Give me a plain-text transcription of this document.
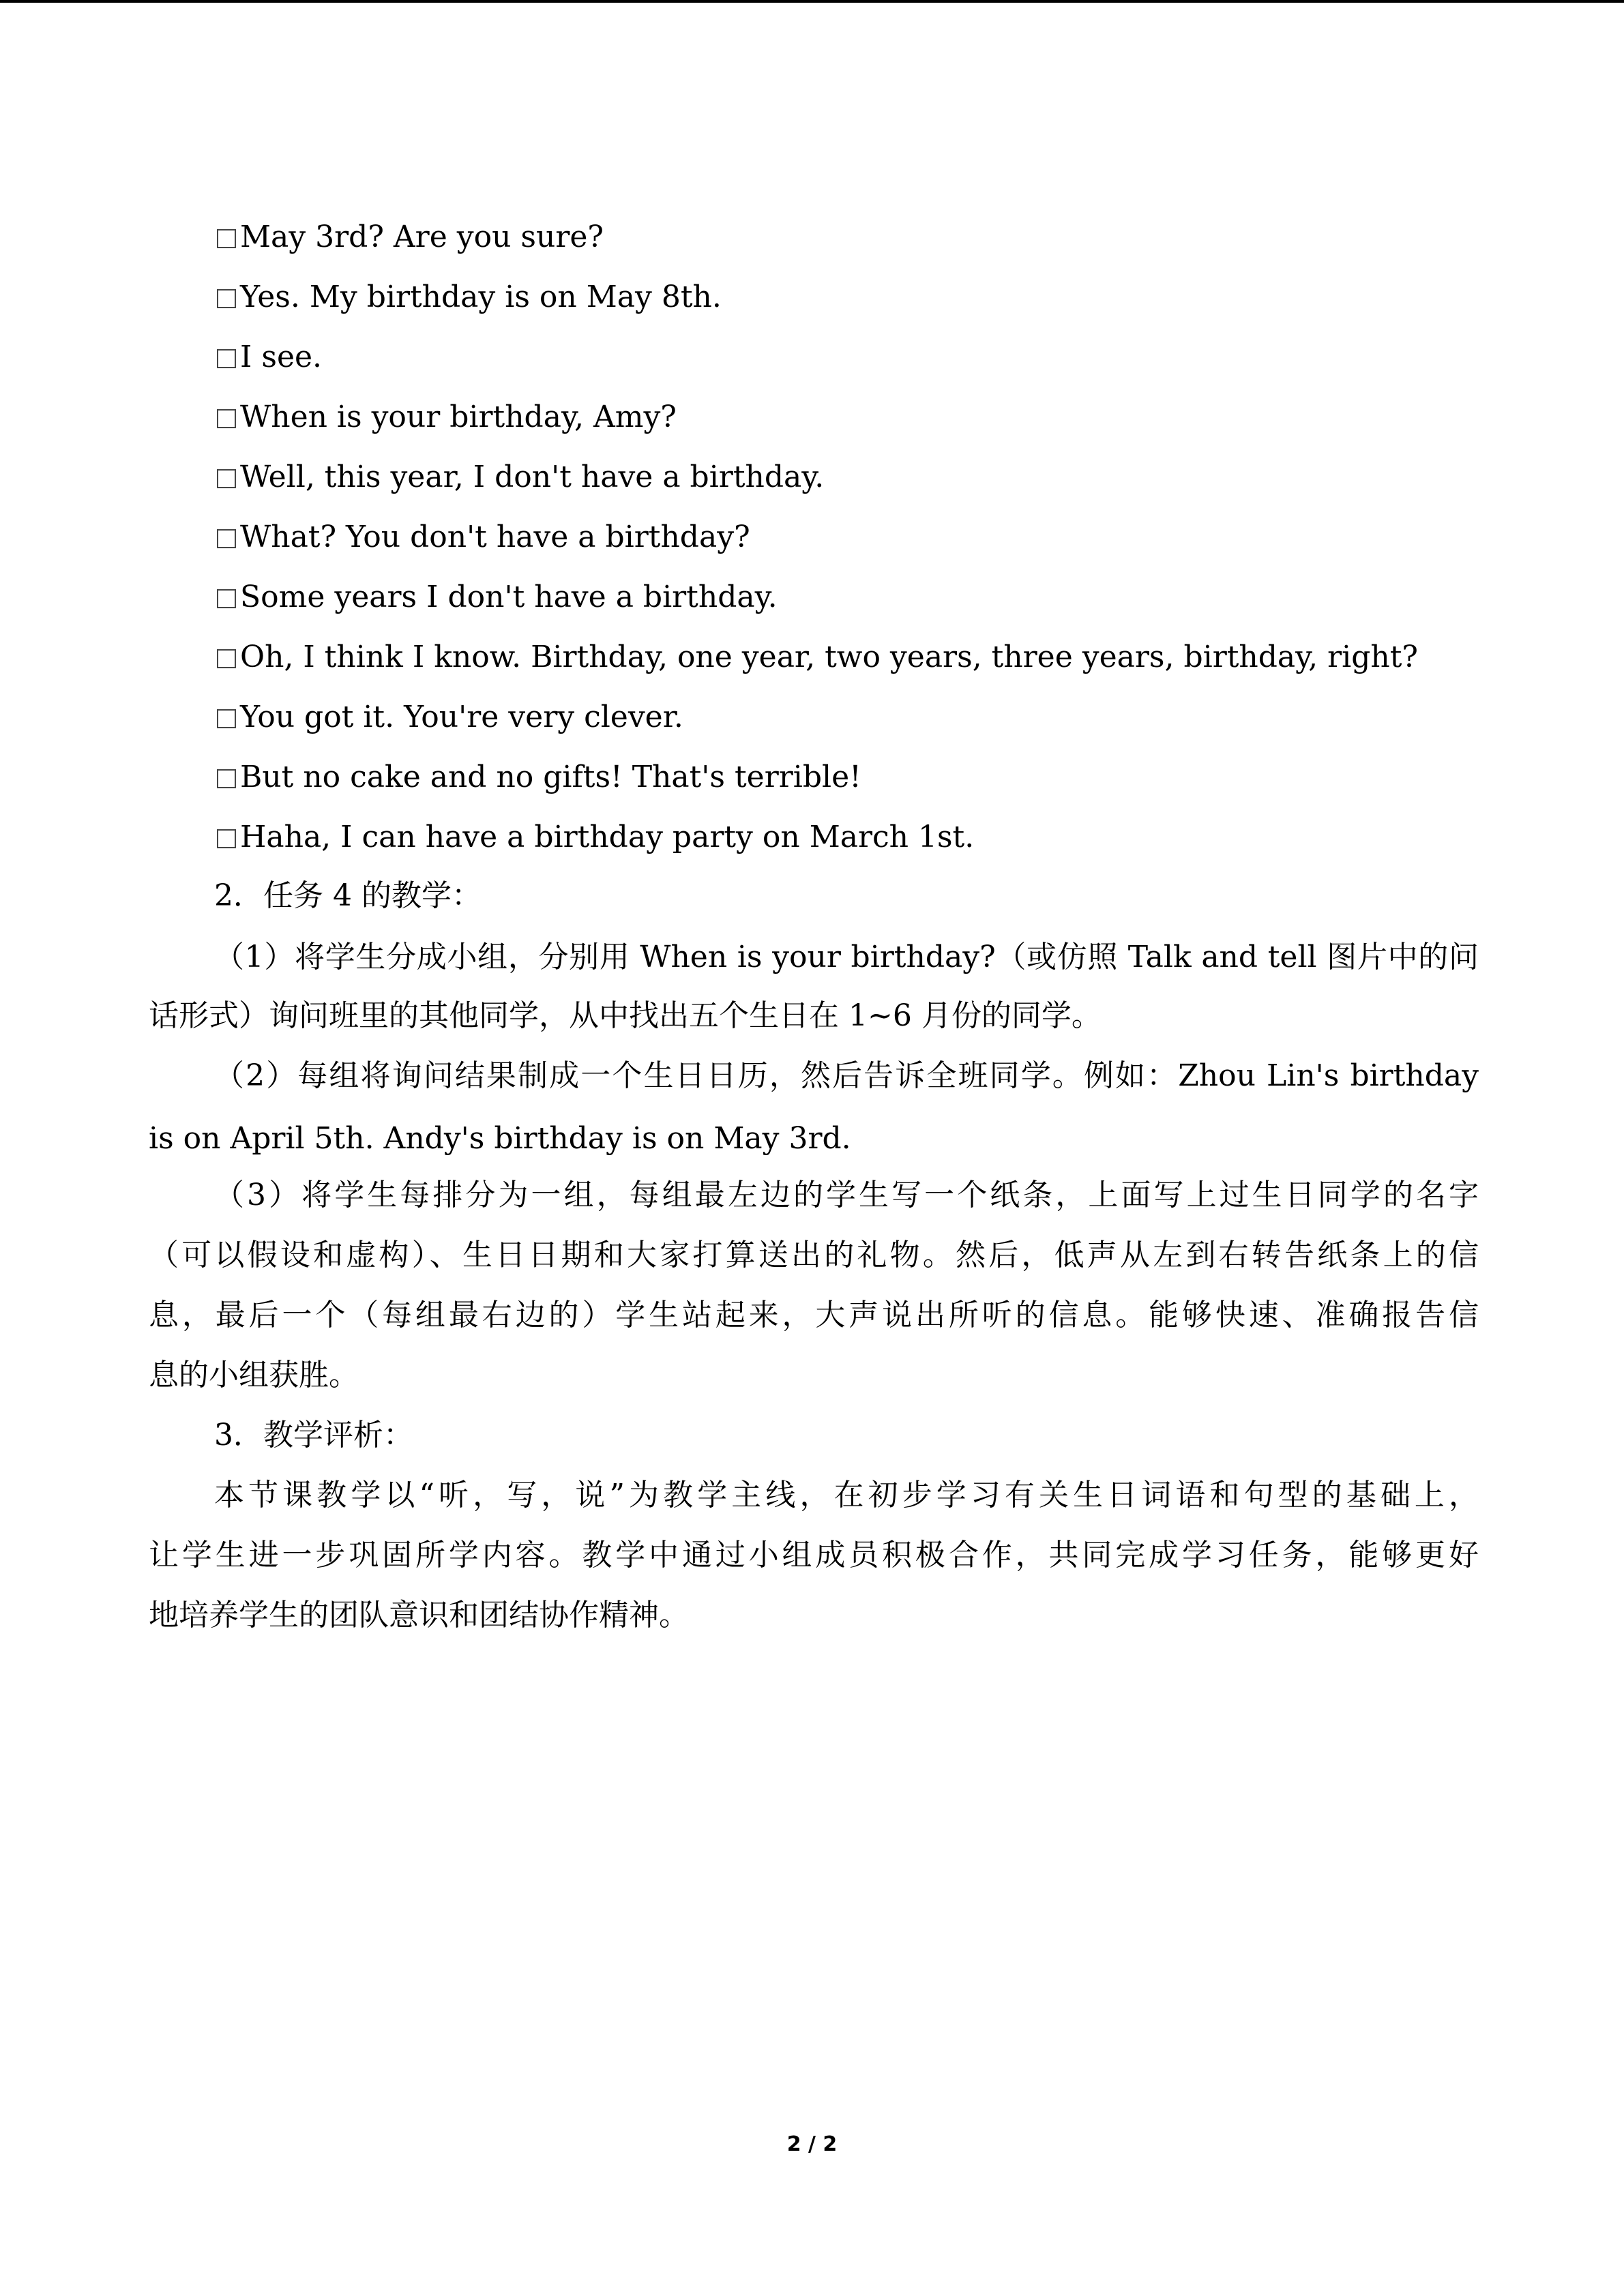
May 3rd? Are you sure?
Yes. My birthday is on May 8th.
I see.
When is your birthday, Amy?
Well, this year, I don't have a birthday.
What? You don't have a birthday?
Some years I don't have a birthday.
Oh, I think I know. Birthday, one year, two years, three years, birthday, right?
You got it. You're very clever.
But no cake and no gifts! That's terrible!
Haha, I can have a birthday party on March 1st.
2．任务 4 的教学：
（1）将学生分成小组，分别用 When is your birthday?（或仿照 Talk and tell 图片中的问
话形式）询问班里的其他同学，从中找出五个生日在 1~6 月份的同学。
（2）每组将询问结果制成一个生日日历，然后告诉全班同学。例如：Zhou Lin's birthday
is on April 5th. Andy's birthday is on May 3rd.
（3）将学生每排分为一组，每组最左边的学生写一个纸条，上面写上过生日同学的名字
（可以假设和虚构）、生日日期和大家打算送出的礼物。然后，低声从左到右转告纸条上的信
息，最后一个（每组最右边的）学生站起来，大声说出所听的信息。能够快速、准确报告信
息的小组获胜。
3．教学评析：
本节课教学以“听，写，说”为教学主线，在初步学习有关生日词语和句型的基础上，
让学生进一步巩固所学内容。教学中通过小组成员积极合作，共同完成学习任务，能够更好
地培养学生的团队意识和团结协作精神。
2 / 2
